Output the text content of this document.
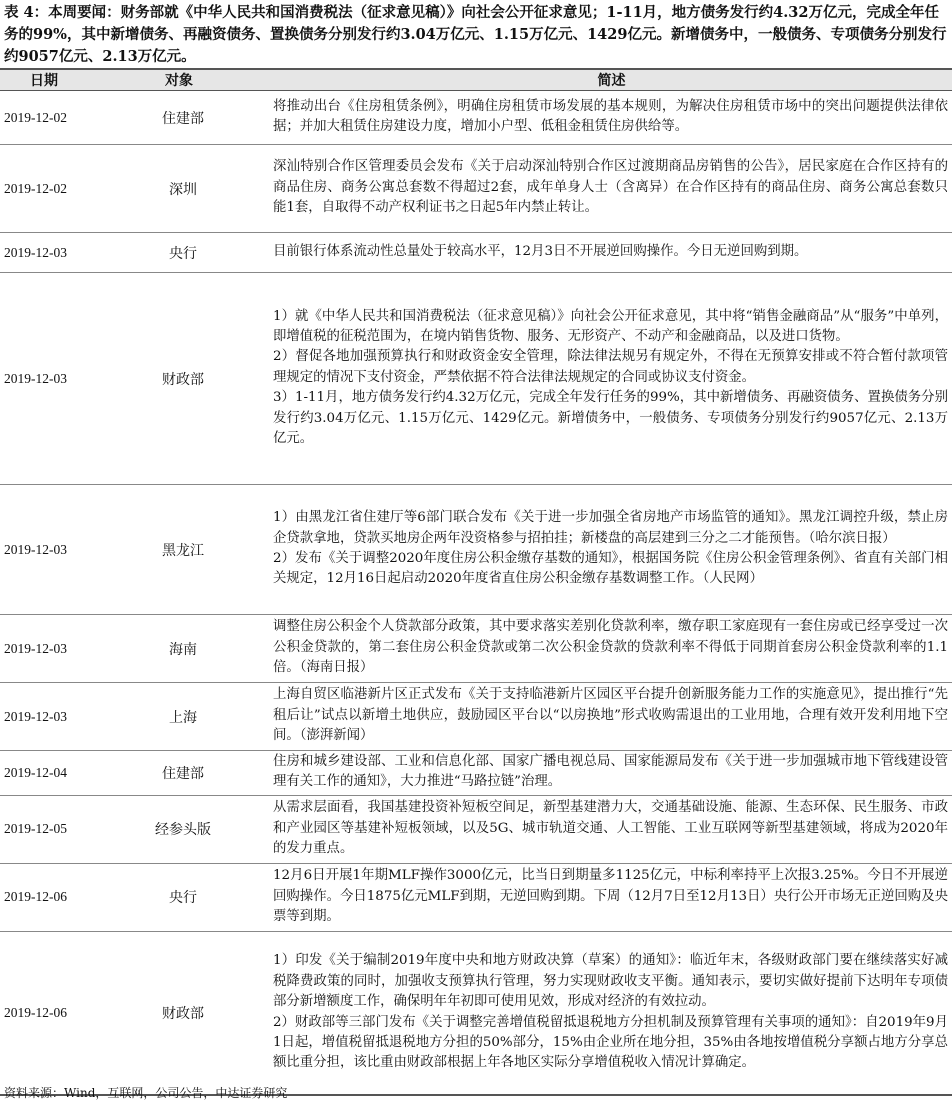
表 4：本周要闻：财务部就《中华人民共和国消费税法（征求意见稿）》向社会公开征求意见；1-11月，地方债务发行约4.32万亿元，完成全年任务的99%，其中新增债务、再融资债务、置换债务分别发行约3.04万亿元、1.15万亿元、1429亿元。新增债务中，一般债务、专项债务分别发行约9057亿元、2.13万亿元。

日期	对象	简述
2019-12-02	住建部	将推动出台《住房租赁条例》，明确住房租赁市场发展的基本规则，为解决住房租赁市场中的突出问题提供法律依据；并加大租赁住房建设力度，增加小户型、低租金租赁住房供给等。

2019-12-02	深圳	深汕特别合作区管理委员会发布《关于启动深汕特别合作区过渡期商品房销售的公告》，居民家庭在合作区持有的商品住房、商务公寓总套数不得超过2套，成年单身人士（含离异）在合作区持有的商品住房、商务公寓总套数只能1套，自取得不动产权利证书之日起5年内禁止转让。

2019-12-03	央行	目前银行体系流动性总量处于较高水平，12月3日不开展逆回购操作。今日无逆回购到期。

2019-12-03	财政部	1）就《中华人民共和国消费税法（征求意见稿）》向社会公开征求意见，其中将“销售金融商品”从“服务”中单列，即增值税的征税范围为，在境内销售货物、服务、无形资产、不动产和金融商品，以及进口货物。

2）督促各地加强预算执行和财政资金安全管理，除法律法规另有规定外，不得在无预算安排或不符合暂付款项管理规定的情况下支付资金，严禁依据不符合法律法规规定的合同或协议支付资金。

3）1-11月，地方债务发行约4.32万亿元，完成全年发行任务的99%，其中新增债务、再融资债务、置换债务分别发行约3.04万亿元、1.15万亿元、1429亿元。新增债务中，一般债务、专项债务分别发行约9057亿元、2.13万亿元。

2019-12-03	黑龙江	1）由黑龙江省住建厅等6部门联合发布《关于进一步加强全省房地产市场监管的通知》。黑龙江调控升级，禁止房企贷款拿地，贷款买地房企两年没资格参与招拍挂；新楼盘的高层建到三分之二才能预售。（哈尔滨日报）

2）发布《关于调整2020年度住房公积金缴存基数的通知》，根据国务院《住房公积金管理条例》、省直有关部门相关规定，12月16日起启动2020年度省直住房公积金缴存基数调整工作。（人民网）

2019-12-03	海南	调整住房公积金个人贷款部分政策，其中要求落实差别化贷款利率，缴存职工家庭现有一套住房或已经享受过一次公积金贷款的，第二套住房公积金贷款或第二次公积金贷款的贷款利率不得低于同期首套房公积金贷款利率的1.1倍。（海南日报）

2019-12-03	上海	上海自贸区临港新片区正式发布《关于支持临港新片区园区平台提升创新服务能力工作的实施意见》，提出推行“先租后让”试点以新增土地供应，鼓励园区平台以“以房换地”形式收购需退出的工业用地，合理有效开发利用地下空间。（澎湃新闻）

2019-12-04	住建部	住房和城乡建设部、工业和信息化部、国家广播电视总局、国家能源局发布《关于进一步加强城市地下管线建设管理有关工作的通知》，大力推进“马路拉链”治理。

2019-12-05	经参头版	从需求层面看，我国基建投资补短板空间足，新型基建潜力大，交通基础设施、能源、生态环保、民生服务、市政和产业园区等基建补短板领域，以及5G、城市轨道交通、人工智能、工业互联网等新型基建领域，将成为2020年的发力重点。

2019-12-06	央行	12月6日开展1年期MLF操作3000亿元，比当日到期量多1125亿元，中标利率持平上次报3.25%。今日不开展逆回购操作。今日1875亿元MLF到期，无逆回购到期。下周（12月7日至12月13日）央行公开市场无正逆回购及央票等到期。

2019-12-06	财政部	1）印发《关于编制2019年度中央和地方财政决算（草案）的通知》：临近年末，各级财政部门要在继续落实好减税降费政策的同时，加强收支预算执行管理，努力实现财政收支平衡。通知表示，要切实做好提前下达明年专项债部分新增额度工作，确保明年年初即可使用见效，形成对经济的有效拉动。

2）财政部等三部门发布《关于调整完善增值税留抵退税地方分担机制及预算管理有关事项的通知》：自2019年9月1日起，增值税留抵退税地方分担的50%部分，15%由企业所在地分担，35%由各地按增值税分享额占地方分享总额比重分担，该比重由财政部根据上年各地区实际分享增值税收入情况计算确定。

资料来源：Wind，互联网，公司公告，中达证券研究
